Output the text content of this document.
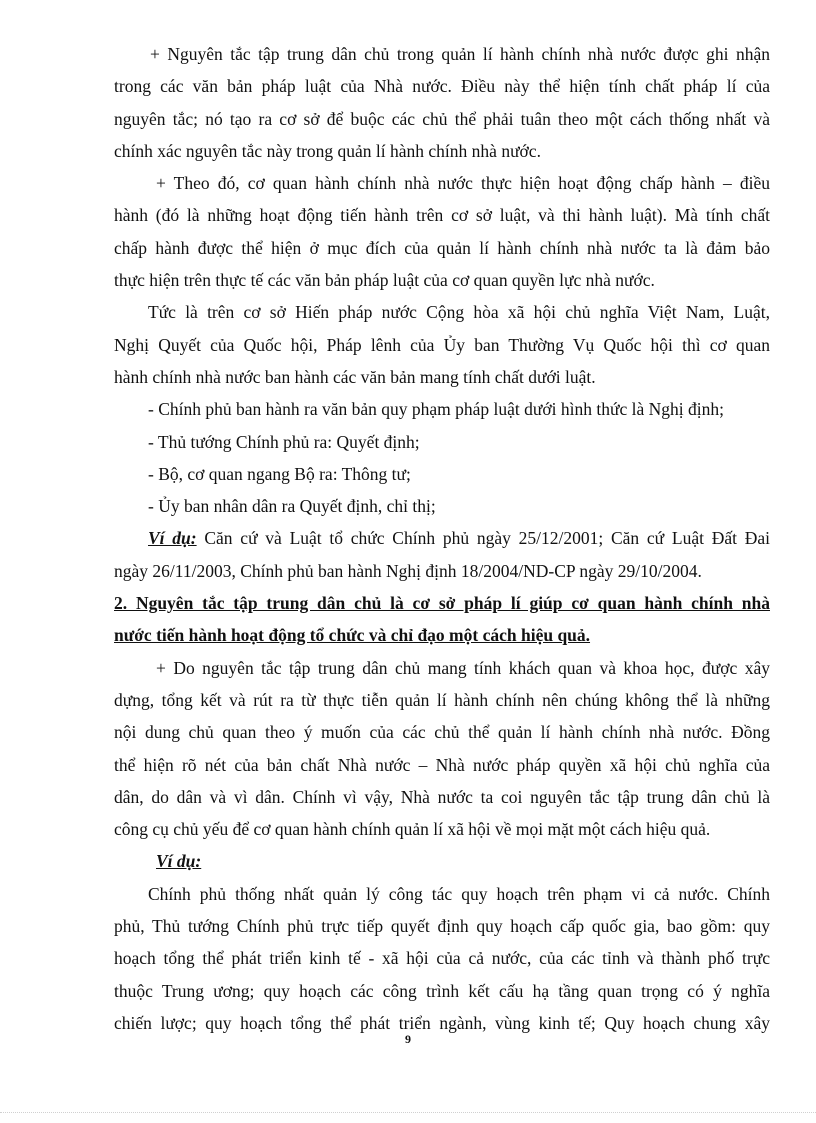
+ Nguyên tắc tập trung dân chủ trong quản lí hành chính nhà nước được ghi nhận
trong các văn bản pháp luật của Nhà nước. Điều này thể hiện tính chất pháp lí của
nguyên tắc; nó tạo ra cơ sở để buộc các chủ thể phải tuân theo một cách thống nhất và
chính xác nguyên tắc này trong quản lí hành chính nhà nước.
+ Theo đó, cơ quan hành chính nhà nước thực hiện hoạt động chấp hành – điều
hành (đó là những hoạt động tiến hành trên cơ sở luật, và thi hành luật). Mà tính chất
chấp hành được thể hiện ở mục đích của quản lí hành chính nhà nước ta là đảm bảo
thực hiện trên thực tế các văn bản pháp luật của cơ quan quyền lực nhà nước.
Tức là trên cơ sở Hiến pháp nước Cộng hòa xã hội chủ nghĩa Việt Nam, Luật,
Nghị Quyết của Quốc hội, Pháp lênh của Ủy ban Thường Vụ Quốc hội thì cơ quan
hành chính nhà nước ban hành các văn bản mang tính chất dưới luật.
- Chính phủ ban hành ra văn bản quy phạm pháp luật dưới hình thức là Nghị định;
- Thủ tướng Chính phủ ra: Quyết định;
- Bộ, cơ quan ngang Bộ ra: Thông tư;
- Ủy ban nhân dân ra Quyết định, chỉ thị;
Ví dụ: Căn cứ và Luật tổ chức Chính phủ ngày 25/12/2001; Căn cứ Luật Đất Đai
ngày 26/11/2003, Chính phủ ban hành Nghị định 18/2004/ND-CP ngày 29/10/2004.
2. Nguyên tắc tập trung dân chủ là cơ sở pháp lí giúp cơ quan hành chính nhà
nước tiến hành hoạt động tổ chức và chỉ đạo một cách hiệu quả.
+ Do nguyên tắc tập trung dân chủ mang tính khách quan và khoa học, được xây
dựng, tổng kết và rút ra từ thực tiễn quản lí hành chính nên chúng không thể là những
nội dung chủ quan theo ý muốn của các chủ thể quản lí hành chính nhà nước. Đồng
thể hiện rõ nét của bản chất Nhà nước – Nhà nước pháp quyền xã hội chủ nghĩa của
dân, do dân và vì dân. Chính vì vậy, Nhà nước ta coi nguyên tắc tập trung dân chủ là
công cụ chủ yếu để cơ quan hành chính quản lí xã hội về mọi mặt một cách hiệu quả.
Ví dụ:
Chính phủ thống nhất quản lý công tác quy hoạch trên phạm vi cả nước. Chính
phủ, Thủ tướng Chính phủ trực tiếp quyết định quy hoạch cấp quốc gia, bao gồm: quy
hoạch tổng thể phát triển kinh tế - xã hội của cả nước, của các tỉnh và thành phố trực
thuộc Trung ương; quy hoạch các công trình kết cấu hạ tầng quan trọng có ý nghĩa
chiến lược; quy hoạch tổng thể phát triển ngành, vùng kinh tế; Quy hoạch chung xây
9
